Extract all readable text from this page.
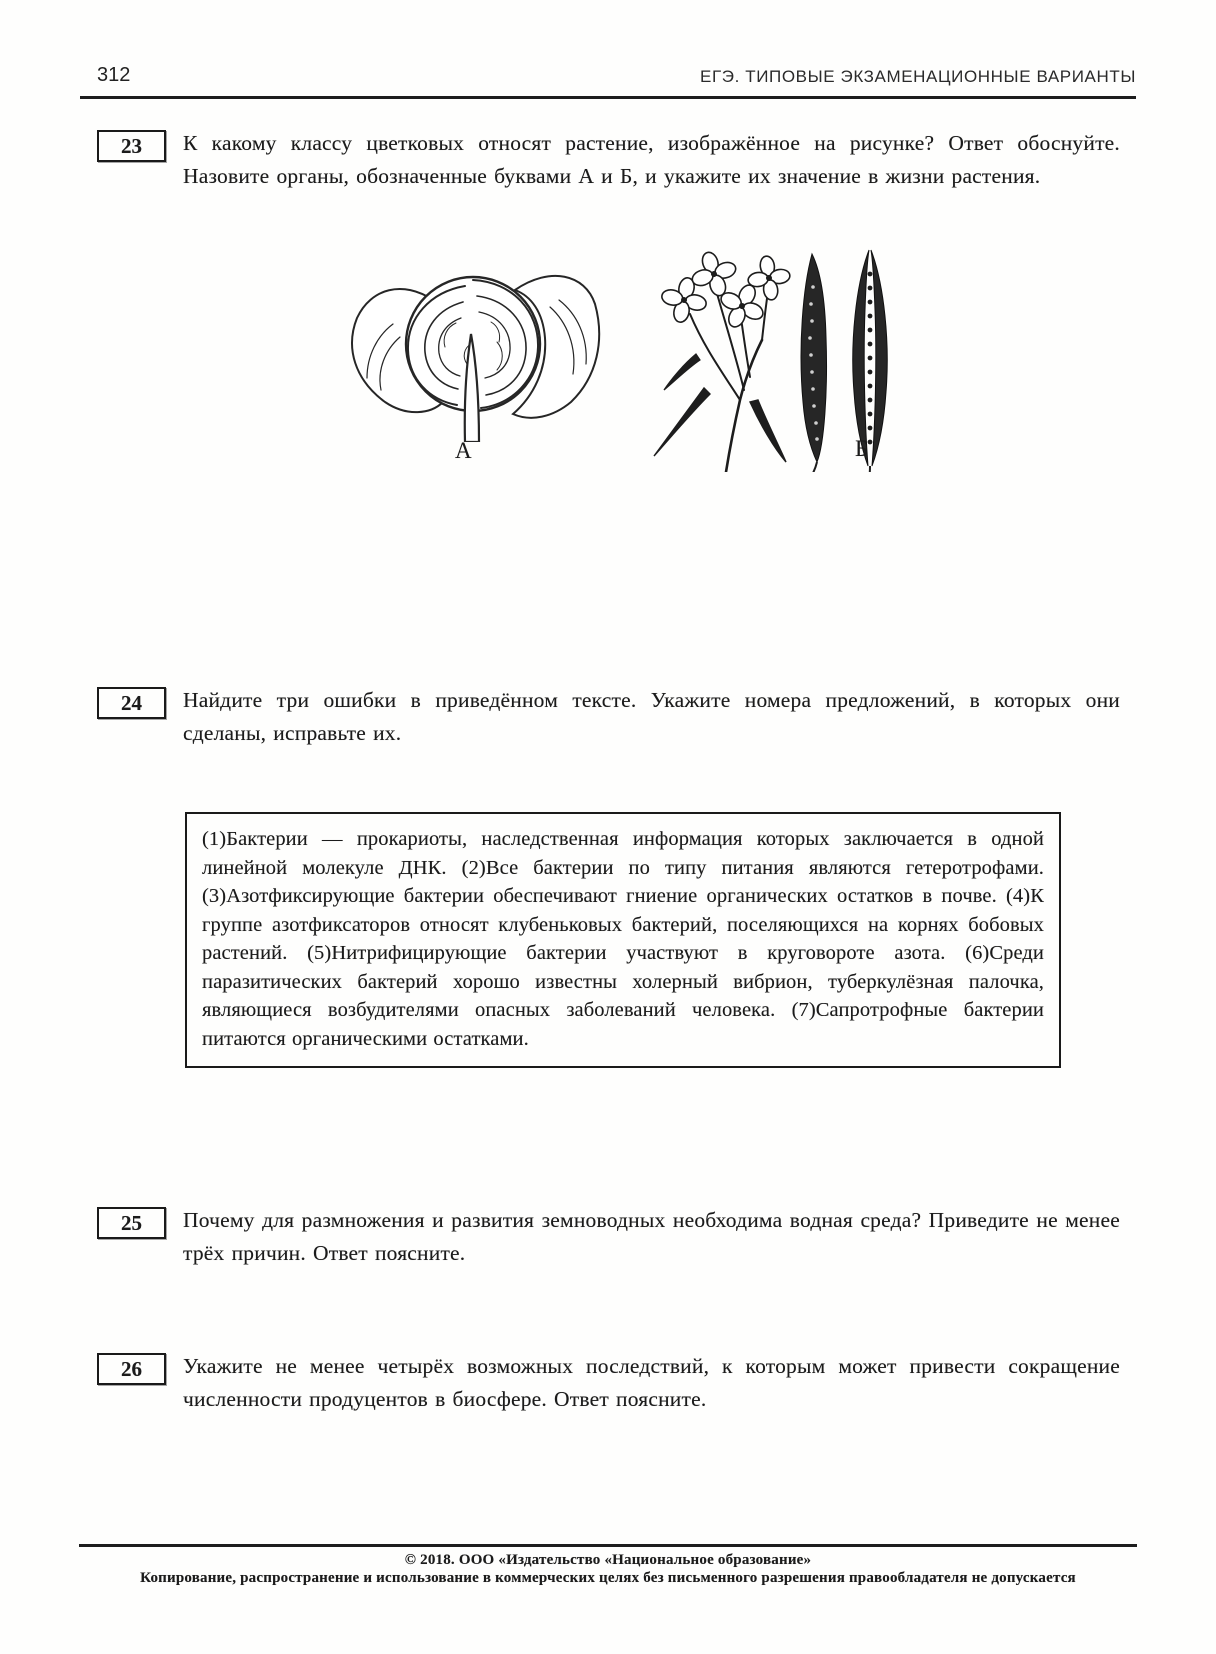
312	ЕГЭ. ТИПОВЫЕ ЭКЗАМЕНАЦИОННЫЕ ВАРИАНТЫ
23	К какому классу цветковых относят растение, изображённое на рисунке? Ответ обоснуйте. Назовите органы, обозначенные буквами А и Б, и укажите их значение в жизни растения.
А	Б
24	Найдите три ошибки в приведённом тексте. Укажите номера предложений, в которых они сделаны, исправьте их.
(1)Бактерии — прокариоты, наследственная информация которых заключается в одной линейной молекуле ДНК. (2)Все бактерии по типу питания являются гетеротрофами. (3)Азотфиксирующие бактерии обеспечивают гниение органических остатков в почве. (4)К группе азотфиксаторов относят клубеньковых бактерий, поселяющихся на корнях бобовых растений. (5)Нитрифицирующие бактерии участвуют в круговороте азота. (6)Среди паразитических бактерий хорошо известны холерный вибрион, туберкулёзная палочка, являющиеся возбудителями опасных заболеваний человека. (7)Сапротрофные бактерии питаются органическими остатками.
25	Почему для размножения и развития земноводных необходима водная среда? Приведите не менее трёх причин. Ответ поясните.
26	Укажите не менее четырёх возможных последствий, к которым может привести сокращение численности продуцентов в биосфере. Ответ поясните.
© 2018. ООО «Издательство «Национальное образование»
Копирование, распространение и использование в коммерческих целях без письменного разрешения правообладателя не допускается
